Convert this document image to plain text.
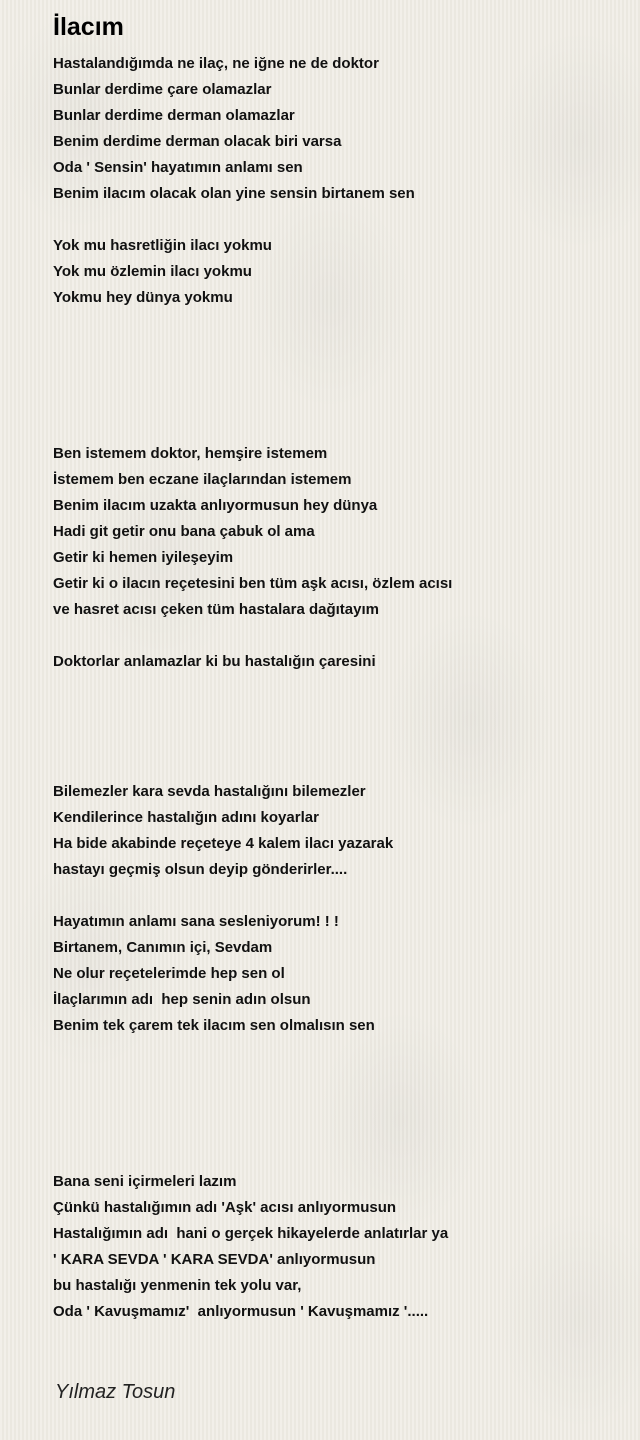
İlacım
Hastalandığımda ne ilaç, ne iğne ne de doktor
Bunlar derdime çare olamazlar
Bunlar derdime derman olamazlar
Benim derdime derman olacak biri varsa
Oda ' Sensin' hayatımın anlamı sen
Benim ilacım olacak olan yine sensin birtanem sen
Yok mu hasretliğin ilacı yokmu
Yok mu özlemin ilacı yokmu
Yokmu hey dünya yokmu
Ben istemem doktor, hemşire istemem
İstemem ben eczane ilaçlarından istemem
Benim ilacım uzakta anlıyormusun hey dünya
Hadi git getir onu bana çabuk ol ama
Getir ki hemen iyileşeyim
Getir ki o ilacın reçetesini ben tüm aşk acısı, özlem acısı
ve hasret acısı çeken tüm hastalara dağıtayım
Doktorlar anlamazlar ki bu hastalığın çaresini
Bilemezler kara sevda hastalığını bilemezler
Kendilerince hastalığın adını koyarlar
Ha bide akabinde reçeteye 4 kalem ilacı yazarak
hastayı geçmiş olsun deyip gönderirler....
Hayatımın anlamı sana sesleniyorum! ! !
Birtanem, Canımın içi, Sevdam
Ne olur reçetelerimde hep sen ol
İlaçlarımın adı  hep senin adın olsun
Benim tek çarem tek ilacım sen olmalısın sen
Bana seni içirmeleri lazım
Çünkü hastalığımın adı 'Aşk' acısı anlıyormusun
Hastalığımın adı  hani o gerçek hikayelerde anlatırlar ya
' KARA SEVDA ' KARA SEVDA' anlıyormusun
bu hastalığı yenmenin tek yolu var,
Oda ' Kavuşmamız'  anlıyormusun ' Kavuşmamız '.....
Yılmaz Tosun
